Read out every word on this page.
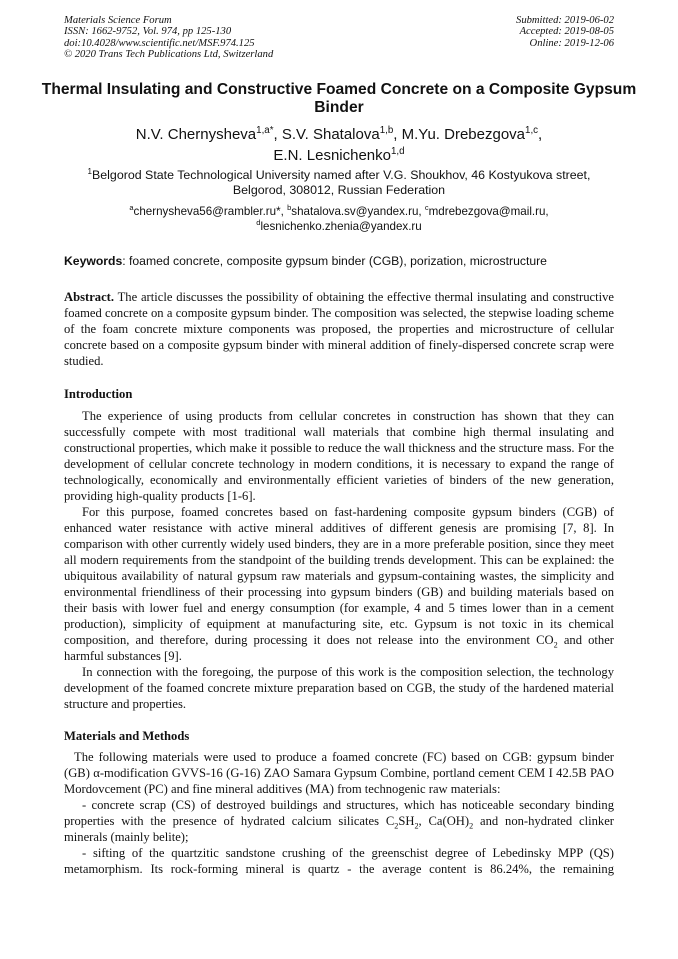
Materials Science Forum
ISSN: 1662-9752, Vol. 974, pp 125-130
doi:10.4028/www.scientific.net/MSF.974.125
© 2020 Trans Tech Publications Ltd, Switzerland
Submitted: 2019-06-02
Accepted: 2019-08-05
Online: 2019-12-06
Thermal Insulating and Constructive Foamed Concrete on a Composite Gypsum Binder
N.V. Chernysheva$^{1,a*}$, S.V. Shatalova$^{1,b}$, M.Yu. Drebezgova$^{1,c}$,
E.N. Lesnichenko$^{1,d}$
$^1$Belgorod State Technological University named after V.G. Shoukhov, 46 Kostyukova street, Belgorod, 308012, Russian Federation
$^a$chernysheva56@rambler.ru*, $^b$shatalova.sv@yandex.ru, $^c$mdrebezgova@mail.ru,
$^d$lesnichenko.zhenia@yandex.ru
Keywords: foamed concrete, composite gypsum binder (CGB), porization, microstructure

Abstract. The article discusses the possibility of obtaining the effective thermal insulating and constructive foamed concrete on a composite gypsum binder. The composition was selected, the stepwise loading scheme of the foam concrete mixture components was proposed, the properties and microstructure of cellular concrete based on a composite gypsum binder with mineral addition of finely-dispersed concrete scrap were studied.

Introduction

The experience of using products from cellular concretes in construction has shown that they can successfully compete with most traditional wall materials that combine high thermal insulating and constructional properties, which make it possible to reduce the wall thickness and the structure mass. For the development of cellular concrete technology in modern conditions, it is necessary to expand the range of technologically, economically and environmentally efficient varieties of binders of the new generation, providing high-quality products [1-6].

For this purpose, foamed concretes based on fast-hardening composite gypsum binders (CGB) of enhanced water resistance with active mineral additives of different genesis are promising [7, 8]. In comparison with other currently widely used binders, they are in a more preferable position, since they meet all modern requirements from the standpoint of the building trends development. This can be explained: the ubiquitous availability of natural gypsum raw materials and gypsum-containing wastes, the simplicity and environmental friendliness of their processing into gypsum binders (GB) and building materials based on their basis with lower fuel and energy consumption (for example, 4 and 5 times lower than in a cement production), simplicity of equipment at manufacturing site, etc. Gypsum is not toxic in its chemical composition, and therefore, during processing it does not release into the environment $CO_2$ and other harmful substances [9].

In connection with the foregoing, the purpose of this work is the composition selection, the technology development of the foamed concrete mixture preparation based on CGB, the study of the hardened material structure and properties.

Materials and Methods

The following materials were used to produce a foamed concrete (FC) based on CGB: gypsum binder (GB) α-modification GVVS-16 (G-16) ZAO Samara Gypsum Combine, portland cement CEM I 42.5B PAO Mordovcement (PC) and fine mineral additives (MA) from technogenic raw materials:

- concrete scrap (CS) of destroyed buildings and structures, which has noticeable secondary binding properties with the presence of hydrated calcium silicates $C_2SH_2$, $Ca(OH)_2$ and non-hydrated clinker minerals (mainly belite);

- sifting of the quartzitic sandstone crushing of the greenschist degree of Lebedinsky MPP (QS) metamorphism. Its rock-forming mineral is quartz - the average content is 86.24%, the remaining
